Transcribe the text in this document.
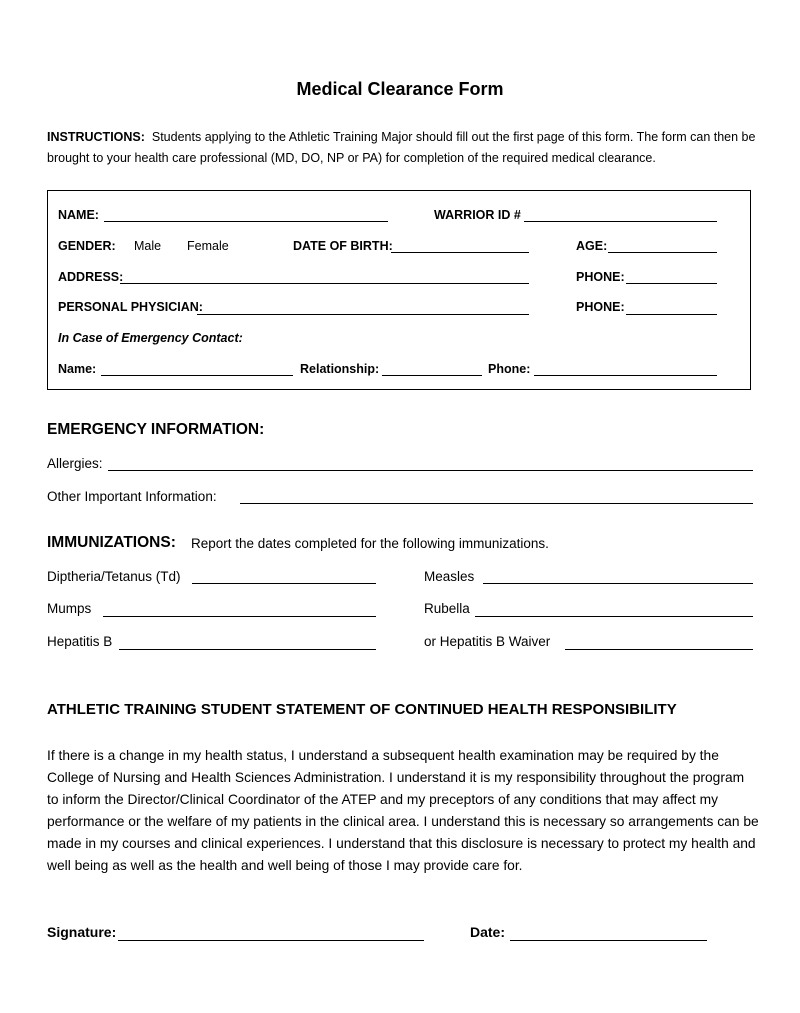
Medical Clearance Form
INSTRUCTIONS: Students applying to the Athletic Training Major should fill out the first page of this form. The form can then be brought to your health care professional (MD, DO, NP or PA) for completion of the required medical clearance.
NAME:	WARRIOR ID #
GENDER: Male Female	DATE OF BIRTH:	AGE:
ADDRESS:	PHONE:
PERSONAL PHYSICIAN:	PHONE:
In Case of Emergency Contact:
Name:	Relationship:	Phone:
EMERGENCY INFORMATION:
Allergies:
Other Important Information:
IMMUNIZATIONS: Report the dates completed for the following immunizations.
Diptheria/Tetanus (Td)	Measles
Mumps	Rubella
Hepatitis B	or Hepatitis B Waiver
ATHLETIC TRAINING STUDENT STATEMENT OF CONTINUED HEALTH RESPONSIBILITY
If there is a change in my health status, I understand a subsequent health examination may be required by the College of Nursing and Health Sciences Administration. I understand it is my responsibility throughout the program to inform the Director/Clinical Coordinator of the ATEP and my preceptors of any conditions that may affect my performance or the welfare of my patients in the clinical area. I understand this is necessary so arrangements can be made in my courses and clinical experiences. I understand that this disclosure is necessary to protect my health and well being as well as the health and well being of those I may provide care for.
Signature:	Date:
